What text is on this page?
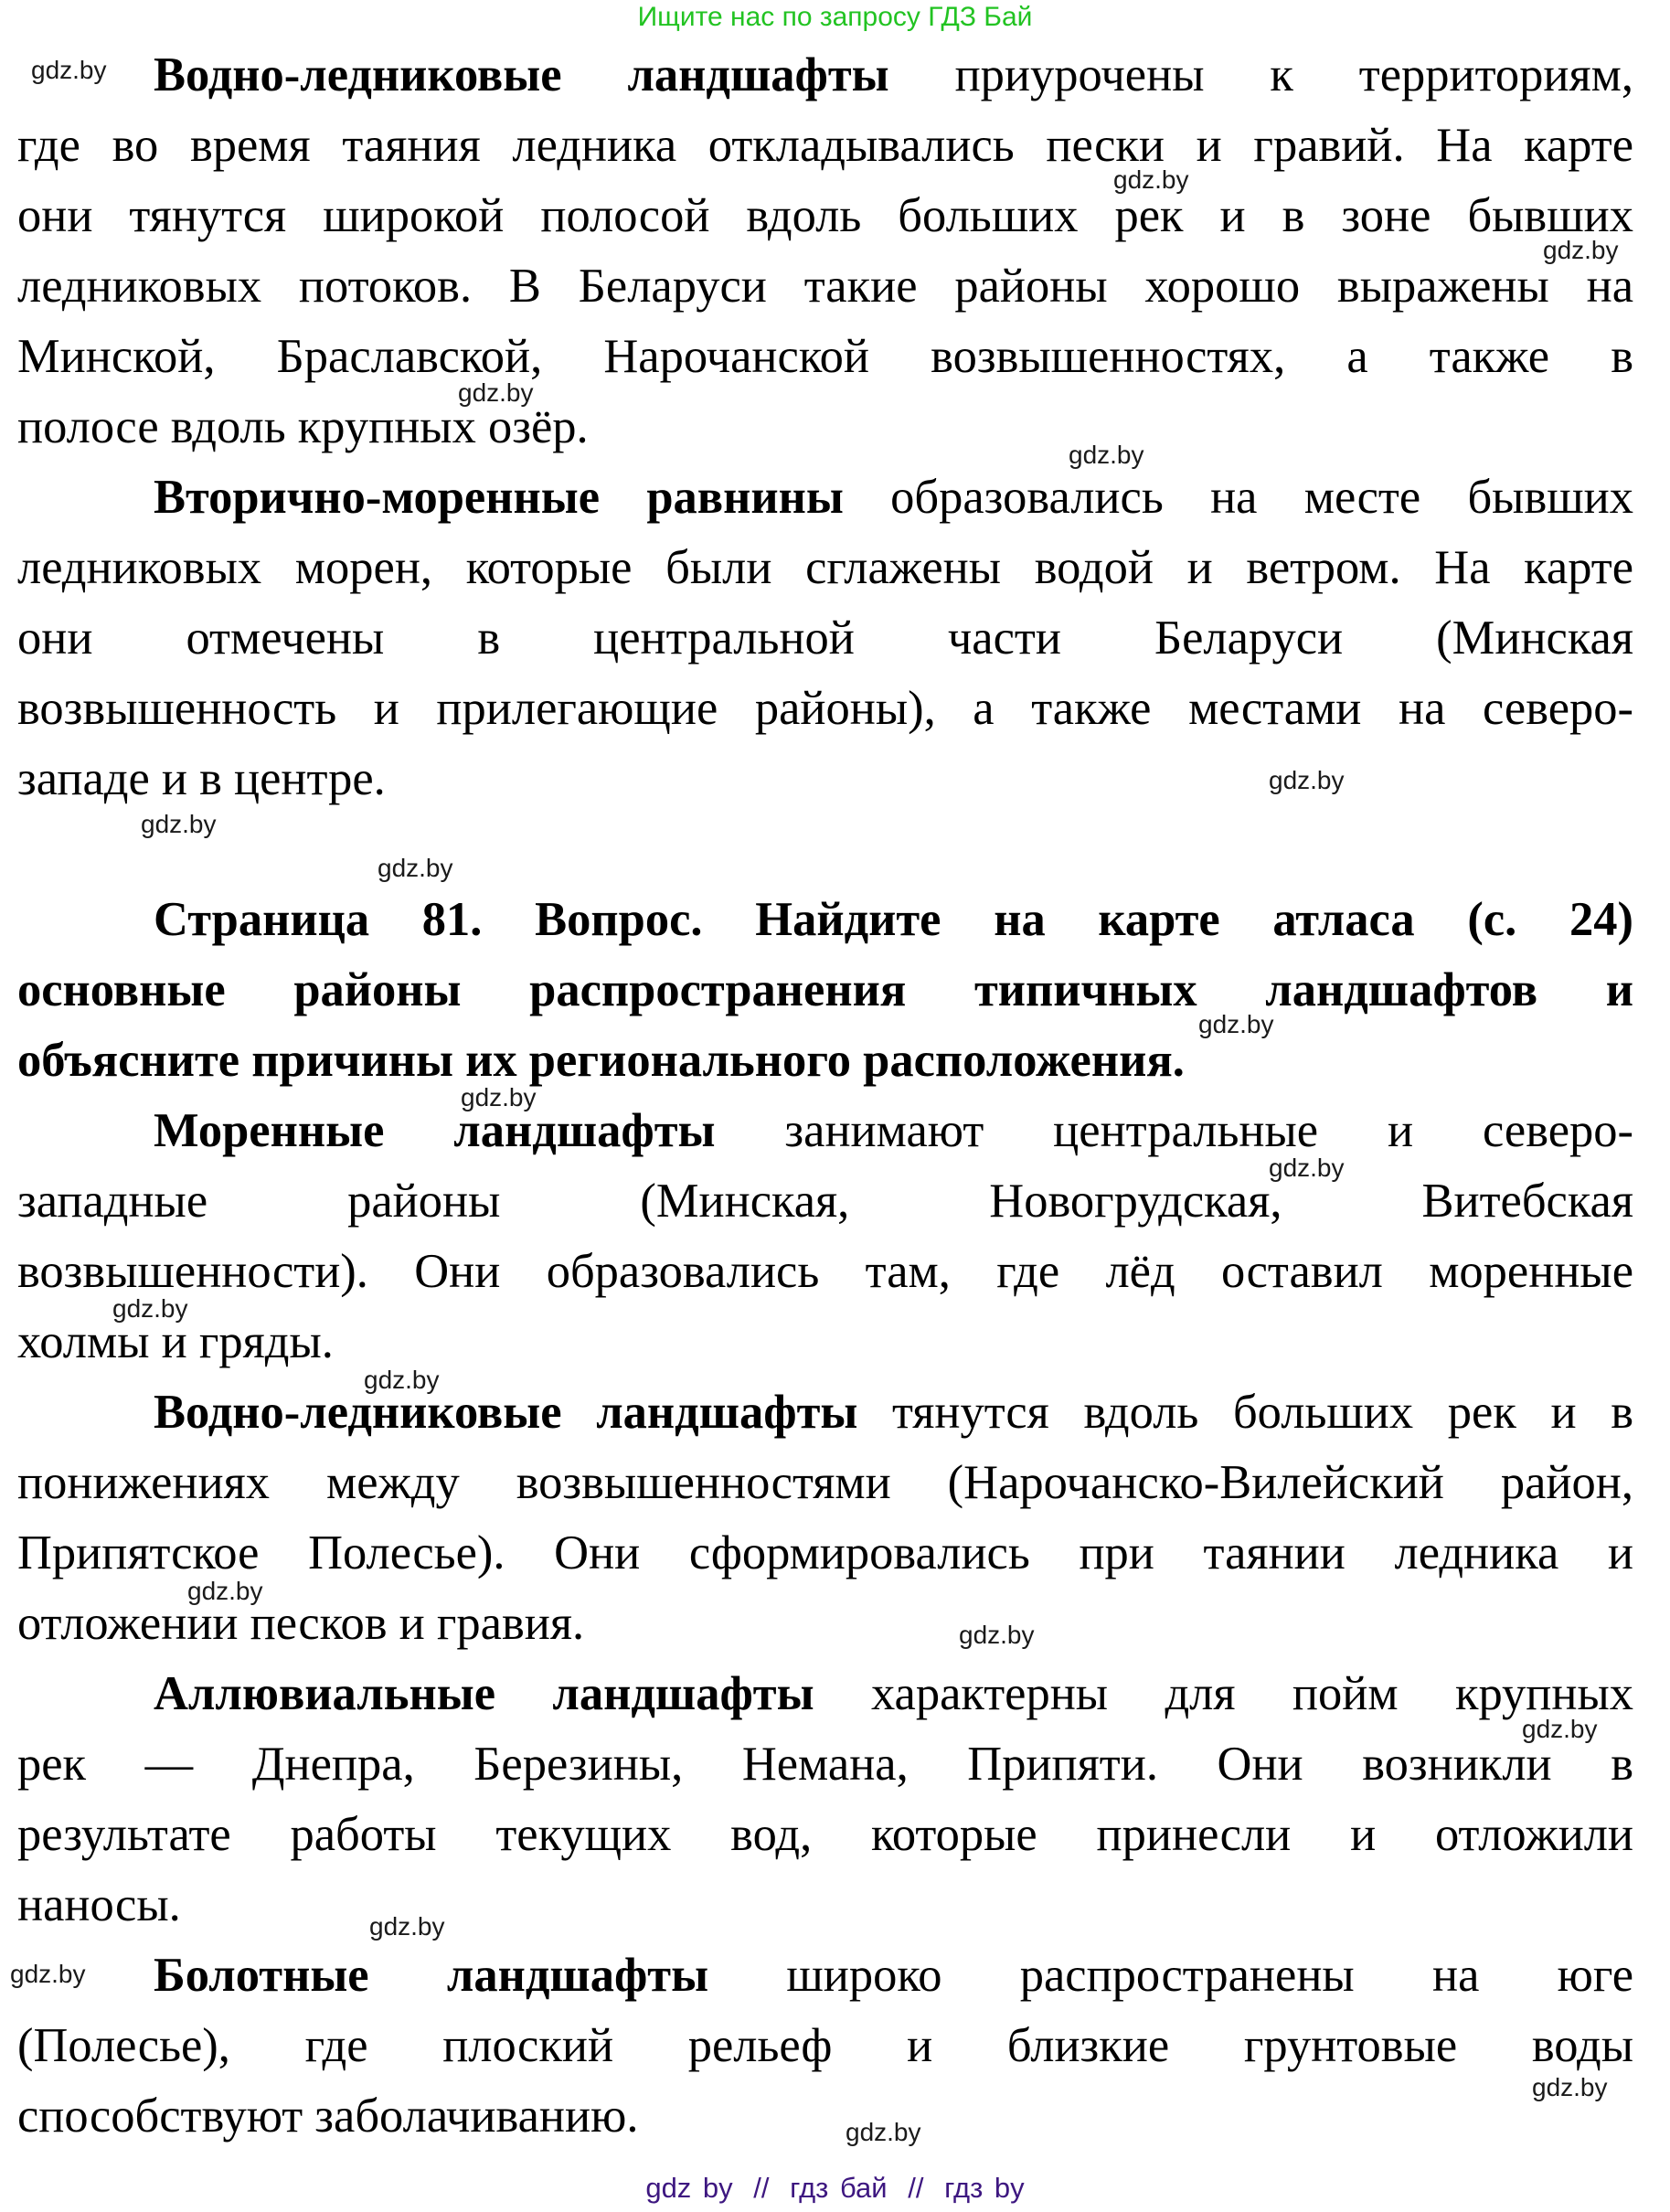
Ищите нас по запросу ГДЗ Бай
Водно-ледниковые ландшафты приурочены к территориям,
где во время таяния ледника откладывались пески и гравий. На карте
они тянутся широкой полосой вдоль больших рек и в зоне бывших
ледниковых потоков. В Беларуси такие районы хорошо выражены на
Минской, Браславской, Нарочанской возвышенностях, а также в
полосе вдоль крупных озёр.
Вторично-моренные равнины образовались на месте бывших
ледниковых морен, которые были сглажены водой и ветром. На карте
они отмечены в центральной части Беларуси (Минская
возвышенность и прилегающие районы), а также местами на северо-
западе и в центре.
Страница 81. Вопрос. Найдите на карте атласа (с. 24)
основные районы распространения типичных ландшафтов и
объясните причины их регионального расположения.
Моренные ландшафты занимают центральные и северо-
западные районы (Минская, Новогрудская, Витебская
возвышенности). Они образовались там, где лёд оставил моренные
холмы и гряды.
Водно-ледниковые ландшафты тянутся вдоль больших рек и в
понижениях между возвышенностями (Нарочанско-Вилейский район,
Припятское Полесье). Они сформировались при таянии ледника и
отложении песков и гравия.
Аллювиальные ландшафты характерны для пойм крупных
рек — Днепра, Березины, Немана, Припяти. Они возникли в
результате работы текущих вод, которые принесли и отложили
наносы.
Болотные ландшафты широко распространены на юге
(Полесье), где плоский рельеф и близкие грунтовые воды
способствуют заболачиванию.
gdz.by
gdz.by
gdz.by
gdz.by
gdz.by
gdz.by
gdz.by
gdz.by
gdz.by
gdz.by
gdz.by
gdz.by
gdz.by
gdz.by
gdz.by
gdz.by
gdz.by
gdz.by
gdz.by
gdz.by
gdz by // гдз бай // гдз by
